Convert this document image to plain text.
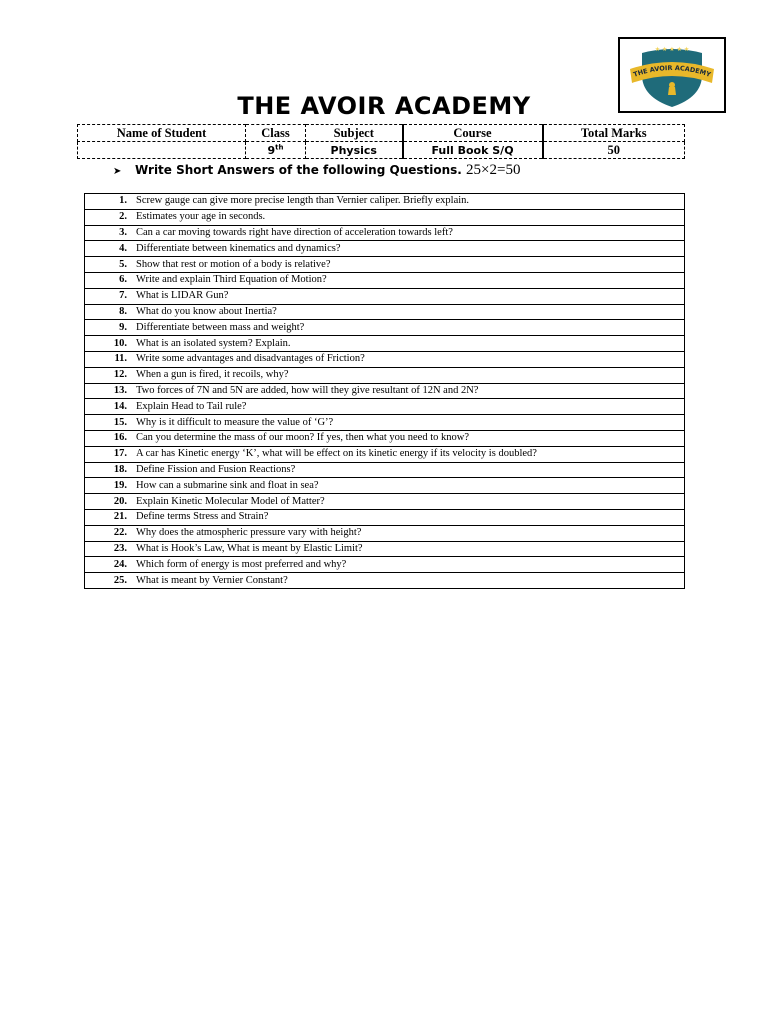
★ ★ ★ ★ ★
THE AVOIR ACADEMY
THE AVOIR ACADEMY
Name of Student	Class	Subject	Course	Total Marks
	9th	Physics	Full Book S/Q	50
➤ Write Short Answers of the following Questions. 25×2=50
1.	Screw gauge can give more precise length than Vernier caliper. Briefly explain.
2.	Estimates your age in seconds.
3.	Can a car moving towards right have direction of acceleration towards left?
4.	Differentiate between kinematics and dynamics?
5.	Show that rest or motion of a body is relative?
6.	Write and explain Third Equation of Motion?
7.	What is LIDAR Gun?
8.	What do you know about Inertia?
9.	Differentiate between mass and weight?
10.	What is an isolated system? Explain.
11.	Write some advantages and disadvantages of Friction?
12.	When a gun is fired, it recoils, why?
13.	Two forces of 7N and 5N are added, how will they give resultant of 12N and 2N?
14.	Explain Head to Tail rule?
15.	Why is it difficult to measure the value of ‘G’?
16.	Can you determine the mass of our moon? If yes, then what you need to know?
17.	A car has Kinetic energy ‘K’, what will be effect on its kinetic energy if its velocity is doubled?
18.	Define Fission and Fusion Reactions?
19.	How can a submarine sink and float in sea?
20.	Explain Kinetic Molecular Model of Matter?
21.	Define terms Stress and Strain?
22.	Why does the atmospheric pressure vary with height?
23.	What is Hook’s Law, What is meant by Elastic Limit?
24.	Which form of energy is most preferred and why?
25.	What is meant by Vernier Constant?
